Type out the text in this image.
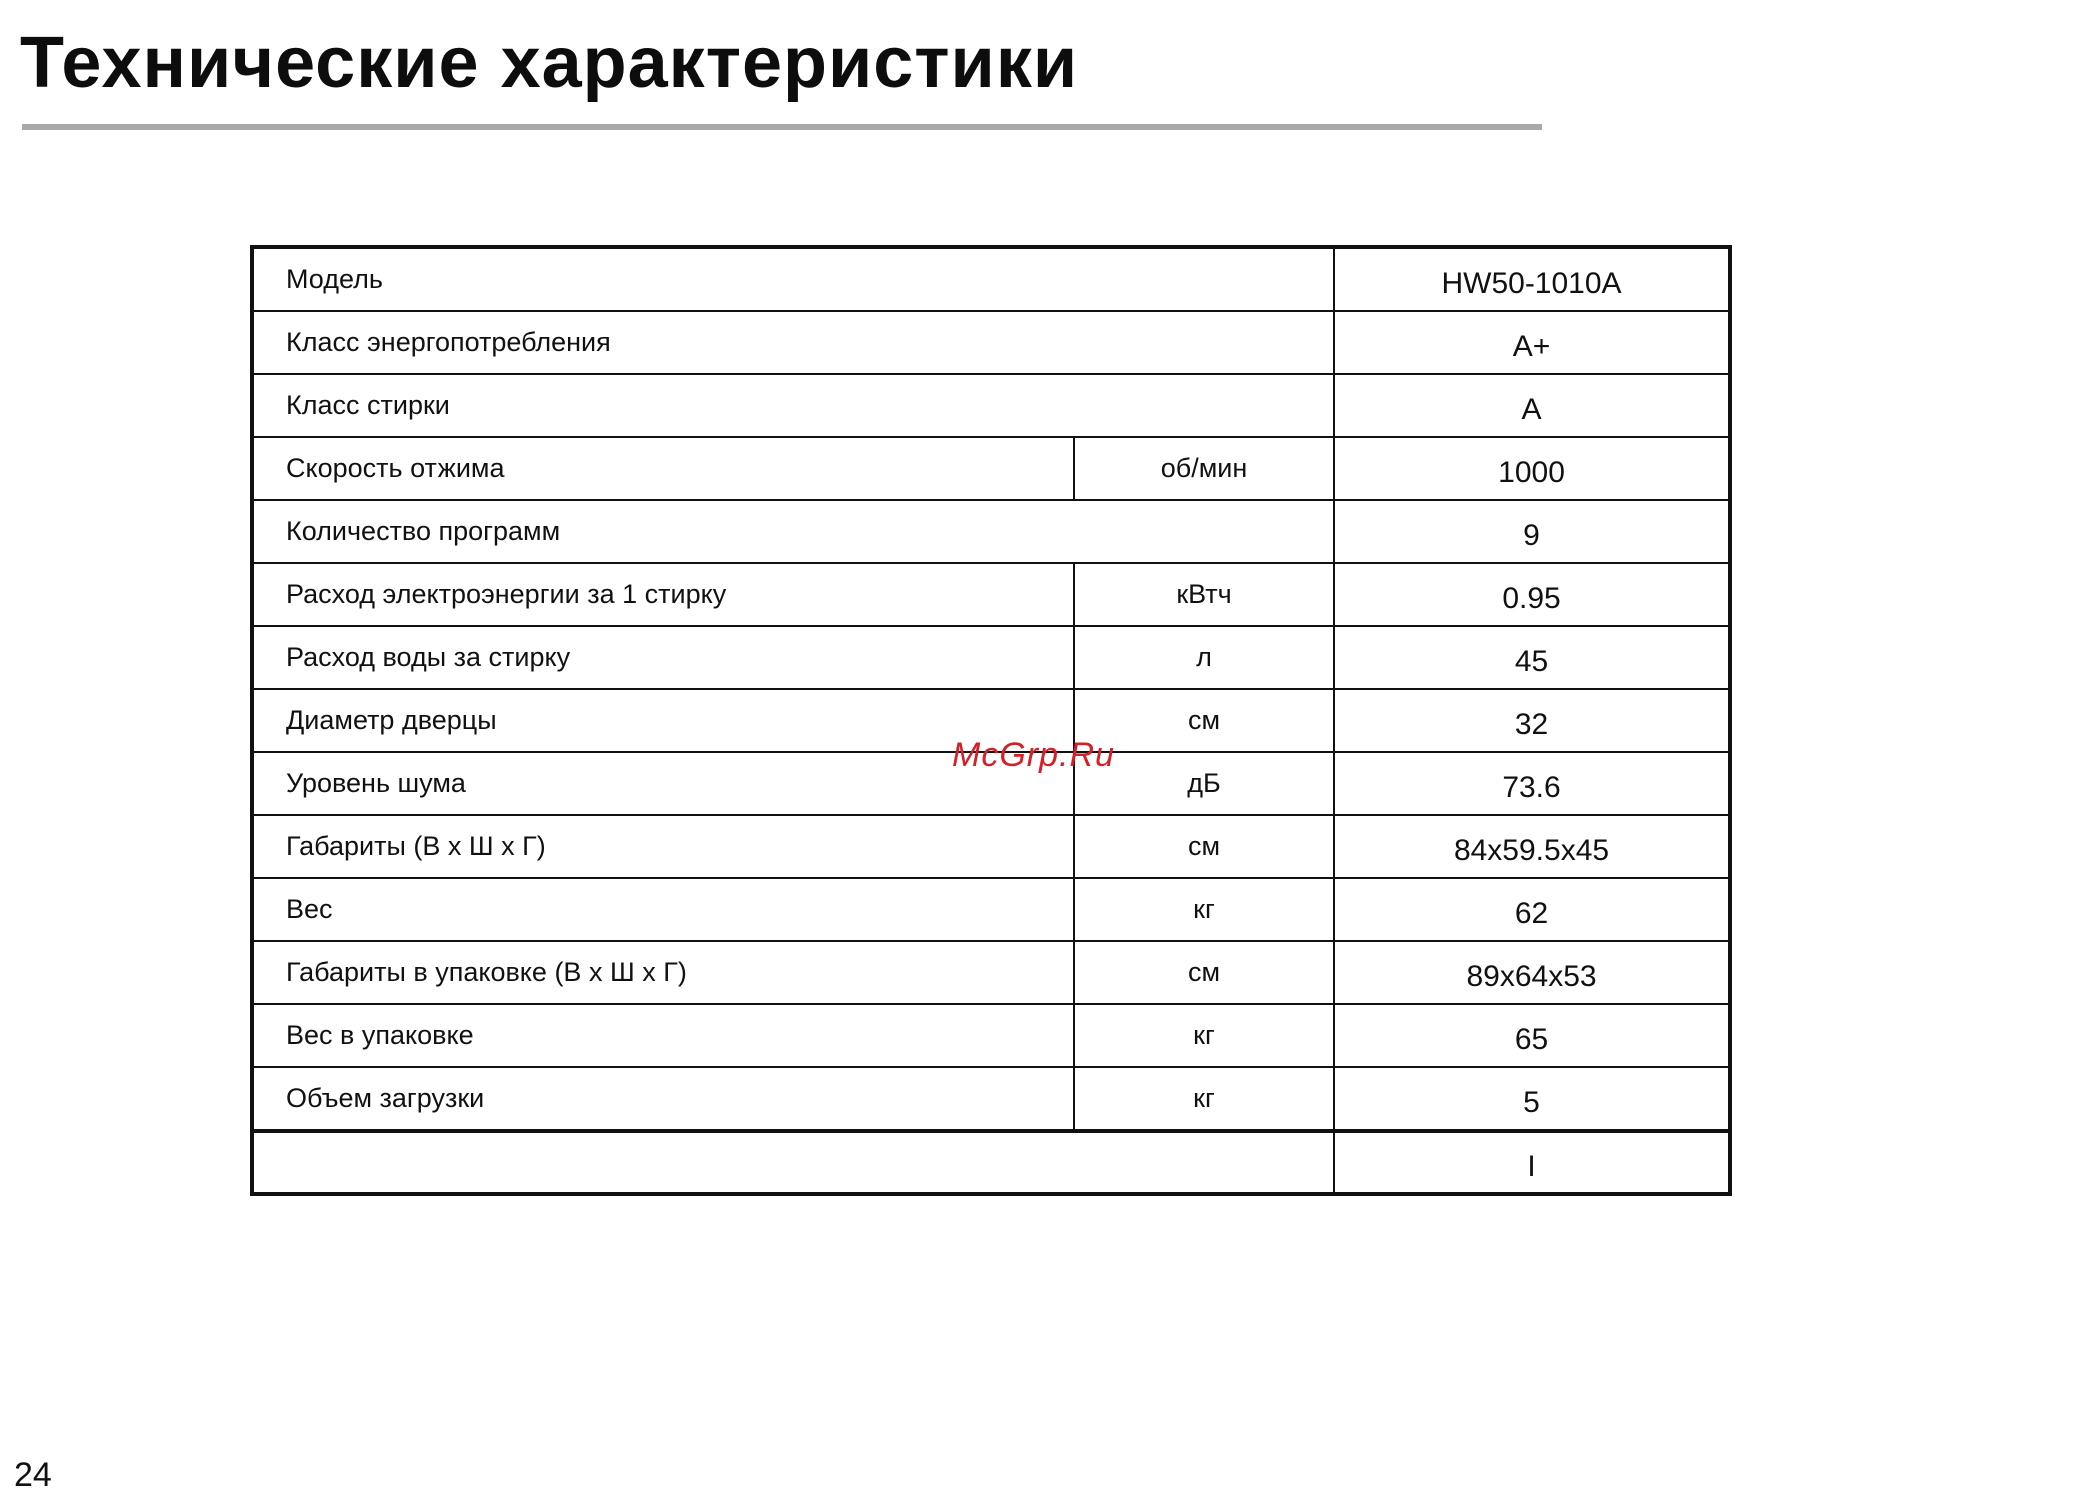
Технические характеристики
Модель		HW50-1010A
Класс энергопотребления		A+
Класс стирки		A
Скорость отжима	об/мин	1000
Количество программ		9
Расход электроэнергии за 1 стирку	кВтч	0.95
Расход воды за стирку	л	45
Диаметр дверцы	см	32
Уровень шума	дБ	73.6
Габариты (В х Ш х Г)	см	84x59.5x45
Вес	кг	62
Габариты в упаковке (В х Ш х Г)	см	89x64x53
Вес в упаковке	кг	65
Объем загрузки	кг	5
		I
McGrp.Ru
24
